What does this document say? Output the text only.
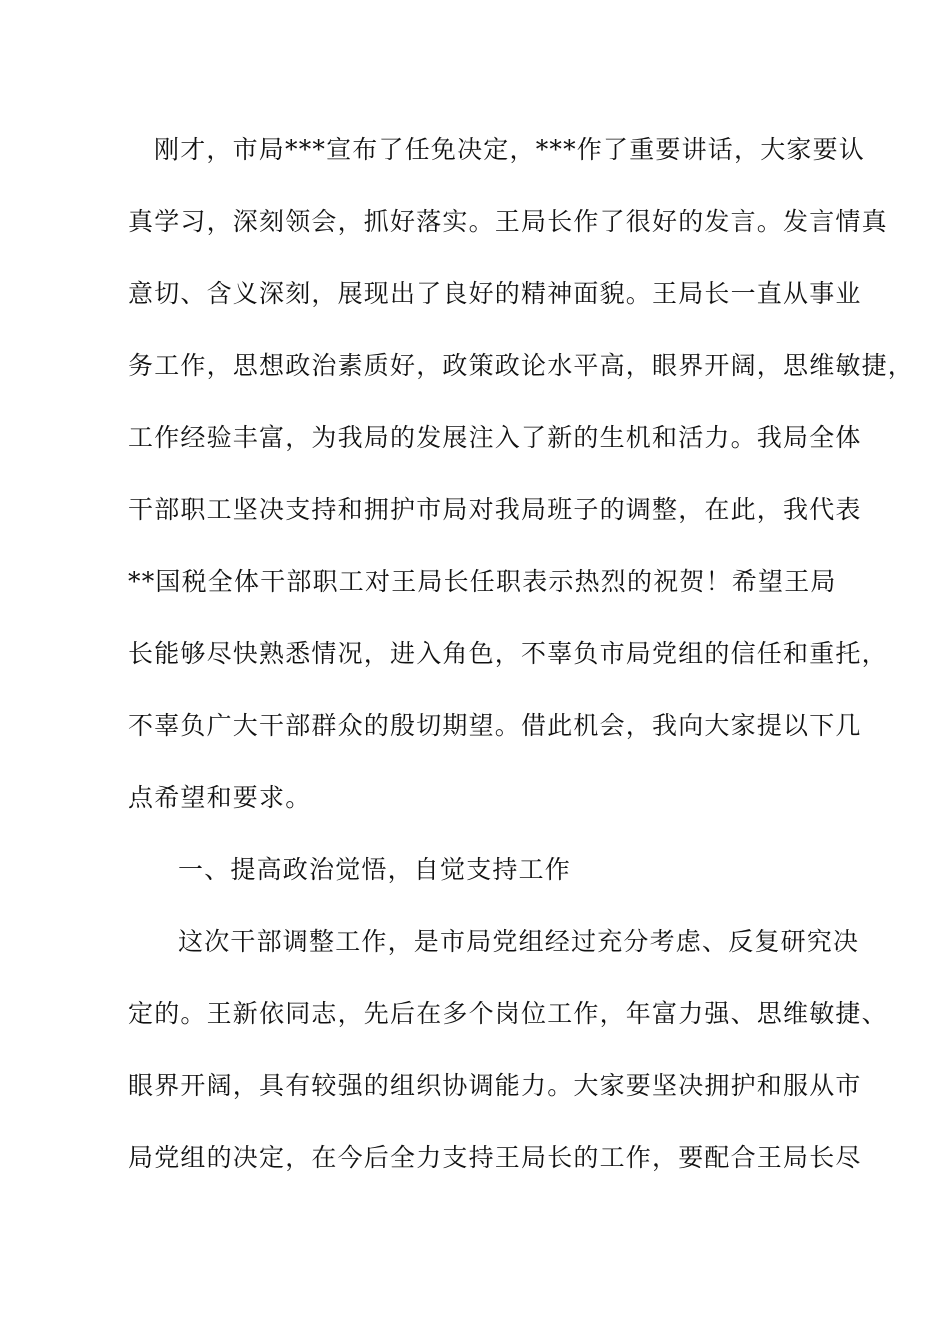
刚才，市局***宣布了任免决定，***作了重要讲话，大家要认
真学习，深刻领会，抓好落实。王局长作了很好的发言。发言情真
意切、含义深刻，展现出了良好的精神面貌。王局长一直从事业
务工作，思想政治素质好，政策政论水平高，眼界开阔，思维敏捷，
工作经验丰富，为我局的发展注入了新的生机和活力。我局全体
干部职工坚决支持和拥护市局对我局班子的调整，在此，我代表
**国税全体干部职工对王局长任职表示热烈的祝贺！希望王局
长能够尽快熟悉情况，进入角色，不辜负市局党组的信任和重托，
不辜负广大干部群众的殷切期望。借此机会，我向大家提以下几
点希望和要求。
一、提高政治觉悟，自觉支持工作
这次干部调整工作，是市局党组经过充分考虑、反复研究决
定的。王新依同志，先后在多个岗位工作，年富力强、思维敏捷、
眼界开阔，具有较强的组织协调能力。大家要坚决拥护和服从市
局党组的决定，在今后全力支持王局长的工作，要配合王局长尽
